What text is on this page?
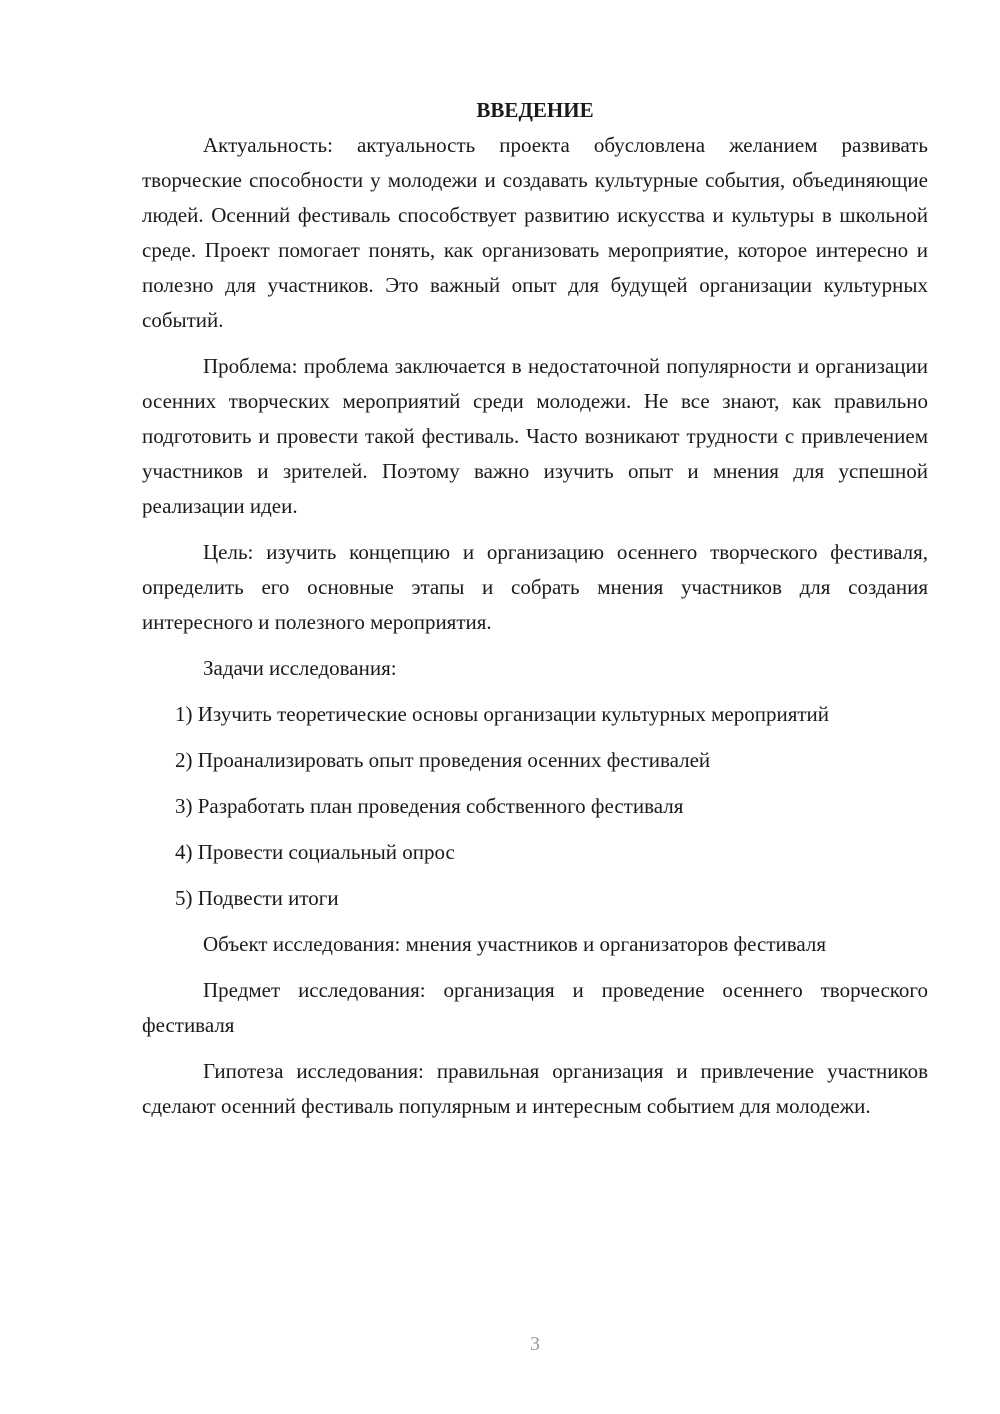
ВВЕДЕНИЕ

Актуальность: актуальность проекта обусловлена желанием развивать творческие способности у молодежи и создавать культурные события, объединяющие людей. Осенний фестиваль способствует развитию искусства и культуры в школьной среде. Проект помогает понять, как организовать мероприятие, которое интересно и полезно для участников. Это важный опыт для будущей организации культурных событий.

Проблема: проблема заключается в недостаточной популярности и организации осенних творческих мероприятий среди молодежи. Не все знают, как правильно подготовить и провести такой фестиваль. Часто возникают трудности с привлечением участников и зрителей. Поэтому важно изучить опыт и мнения для успешной реализации идеи.

Цель: изучить концепцию и организацию осеннего творческого фестиваля, определить его основные этапы и собрать мнения участников для создания интересного и полезного мероприятия.

Задачи исследования:

1) Изучить теоретические основы организации культурных мероприятий

2) Проанализировать опыт проведения осенних фестивалей

3) Разработать план проведения собственного фестиваля

4) Провести социальный опрос

5) Подвести итоги

Объект исследования: мнения участников и организаторов фестиваля

Предмет исследования: организация и проведение осеннего творческого фестиваля

Гипотеза исследования: правильная организация и привлечение участников сделают осенний фестиваль популярным и интересным событием для молодежи.

3
